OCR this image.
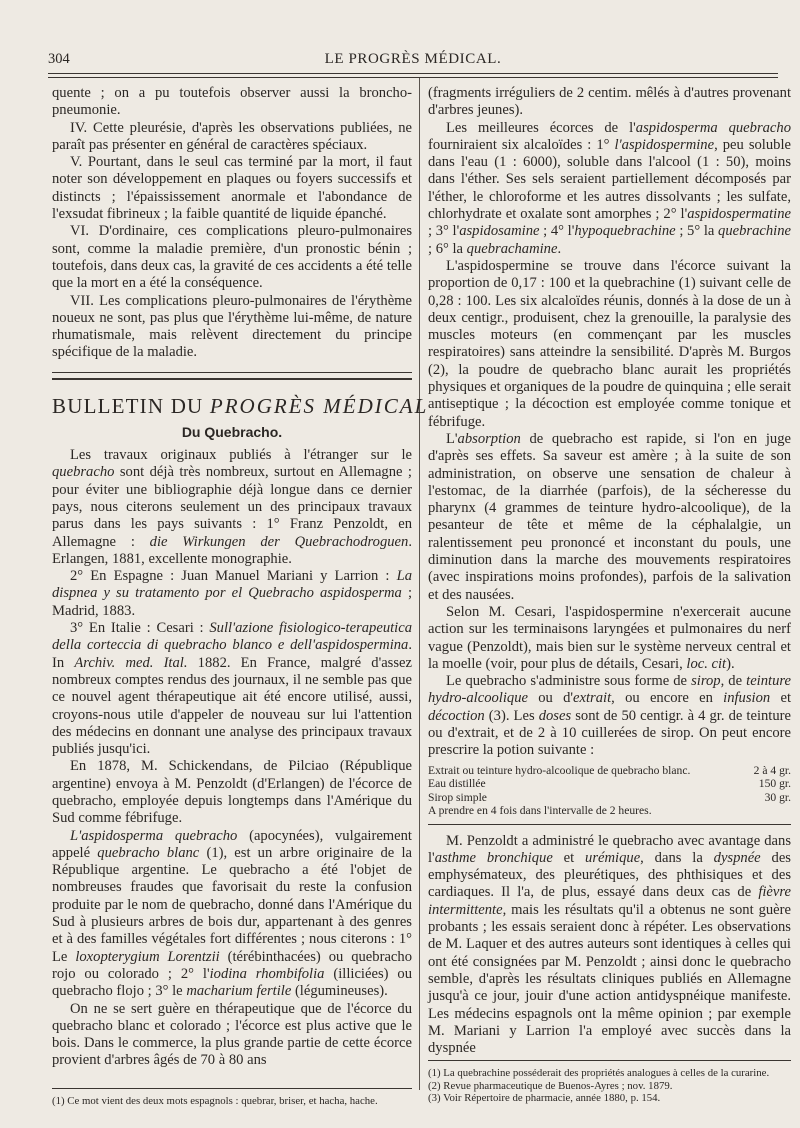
304	LE PROGRÈS MÉDICAL.

quente ; on a pu toutefois observer aussi la broncho-pneumonie.

IV. Cette pleurésie, d'après les observations publiées, ne paraît pas présenter en général de caractères spéciaux.

V. Pourtant, dans le seul cas terminé par la mort, il faut noter son développement en plaques ou foyers successifs et distincts ; l'épaississement anormale et l'abondance de l'exsudat fibrineux ; la faible quantité de liquide épanché.

VI. D'ordinaire, ces complications pleuro-pulmonaires sont, comme la maladie première, d'un pronostic bénin ; toutefois, dans deux cas, la gravité de ces accidents a été telle que la mort en a été la conséquence.

VII. Les complications pleuro-pulmonaires de l'érythème noueux ne sont, pas plus que l'érythème lui-même, de nature rhumatismale, mais relèvent directement du principe spécifique de la maladie.

BULLETIN DU PROGRÈS MÉDICAL
Du Quebracho.

Les travaux originaux publiés à l'étranger sur le quebracho sont déjà très nombreux, surtout en Allemagne ; pour éviter une bibliographie déjà longue dans ce dernier pays, nous citerons seulement un des principaux travaux parus dans les pays suivants : 1° Franz Penzoldt, en Allemagne : die Wirkungen der Quebrachodroguen. Erlangen, 1881, excellente monographie.

2° En Espagne : Juan Manuel Mariani y Larrion : La dispnea y su tratamento por el Quebracho aspidosperma ; Madrid, 1883.

3° En Italie : Cesari : Sull'azione fisiologico-terapeutica della corteccia di quebracho blanco e dell'aspidospermina. In Archiv. med. Ital. 1882. En France, malgré d'assez nombreux comptes rendus des journaux, il ne semble pas que ce nouvel agent thérapeutique ait été encore utilisé, aussi, croyons-nous utile d'appeler de nouveau sur lui l'attention des médecins en donnant une analyse des principaux travaux publiés jusqu'ici.

En 1878, M. Schickendans, de Pilciao (République argentine) envoya à M. Penzoldt (d'Erlangen) de l'écorce de quebracho, employée depuis longtemps dans l'Amérique du Sud comme fébrifuge.

L'aspidosperma quebracho (apocynées), vulgairement appelé quebracho blanc (1), est un arbre originaire de la République argentine. Le quebracho a été l'objet de nombreuses fraudes que favorisait du reste la confusion produite par le nom de quebracho, donné dans l'Amérique du Sud à plusieurs arbres de bois dur, appartenant à des genres et à des familles végétales fort différentes ; nous citerons : 1° Le loxopterygium Lorentzii (térébinthacées) ou quebracho rojo ou colorado ; 2° l'iodina rhombifolia (illiciées) ou quebracho flojo ; 3° le macharium fertile (légumineuses).

On ne se sert guère en thérapeutique que de l'écorce du quebracho blanc et colorado ; l'écorce est plus active que le bois. Dans le commerce, la plus grande partie de cette écorce provient d'arbres âgés de 70 à 80 ans

(1) Ce mot vient des deux mots espagnols : quebrar, briser, et hacha, hache.

(fragments irréguliers de 2 centim. mêlés à d'autres provenant d'arbres jeunes).

Les meilleures écorces de l'aspidosperma quebracho fourniraient six alcaloïdes : 1° l'aspidospermine, peu soluble dans l'eau (1 : 6000), soluble dans l'alcool (1 : 50), moins dans l'éther. Ses sels seraient partiellement décomposés par l'éther, le chloroforme et les autres dissolvants ; les sulfate, chlorhydrate et oxalate sont amorphes ; 2° l'aspidospermatine ; 3° l'aspidosamine ; 4° l'hypoquebrachine ; 5° la quebrachine ; 6° la quebrachamine.

L'aspidospermine se trouve dans l'écorce suivant la proportion de 0,17 : 100 et la quebrachine (1) suivant celle de 0,28 : 100. Les six alcaloïdes réunis, donnés à la dose de un à deux centigr., produisent, chez la grenouille, la paralysie des muscles moteurs (en commençant par les muscles respiratoires) sans atteindre la sensibilité. D'après M. Burgos (2), la poudre de quebracho blanc aurait les propriétés physiques et organiques de la poudre de quinquina ; elle serait antiseptique ; la décoction est employée comme tonique et fébrifuge.

L'absorption de quebracho est rapide, si l'on en juge d'après ses effets. Sa saveur est amère ; à la suite de son administration, on observe une sensation de chaleur à l'estomac, de la diarrhée (parfois), de la sécheresse du pharynx (4 grammes de teinture hydro-alcoolique), de la pesanteur de tête et même de la céphalalgie, un ralentissement peu prononcé et inconstant du pouls, une diminution dans la marche des mouvements respiratoires (avec inspirations moins profondes), parfois de la salivation et des nausées.

Selon M. Cesari, l'aspidospermine n'exercerait aucune action sur les terminaisons laryngées et pulmonaires du nerf vague (Penzoldt), mais bien sur le système nerveux central et la moelle (voir, pour plus de détails, Cesari, loc. cit).

Le quebracho s'administre sous forme de sirop, de teinture hydro-alcoolique ou d'extrait, ou encore en infusion et décoction (3). Les doses sont de 50 centigr. à 4 gr. de teinture ou d'extrait, et de 2 à 10 cuillerées de sirop. On peut encore prescrire la potion suivante :

Extrait ou teinture hydro-alcoolique de quebracho blanc.	2 à 4 gr.
Eau distillée	150 gr.
Sirop simple	30 gr.
A prendre en 4 fois dans l'intervalle de 2 heures.

M. Penzoldt a administré le quebracho avec avantage dans l'asthme bronchique et urémique, dans la dyspnée des emphysémateux, des pleurétiques, des phthisiques et des cardiaques. Il l'a, de plus, essayé dans deux cas de fièvre intermittente, mais les résultats qu'il a obtenus ne sont guère probants ; les essais seraient donc à répéter. Les observations de M. Laquer et des autres auteurs sont identiques à celles qui ont été consignées par M. Penzoldt ; ainsi donc le quebracho semble, d'après les résultats cliniques publiés en Allemagne jusqu'à ce jour, jouir d'une action antidyspnéique manifeste. Les médecins espagnols ont la même opinion ; par exemple M. Mariani y Larrion l'a employé avec succès dans la dyspnée

(1) La quebrachine posséderait des propriétés analogues à celles de la curarine.
(2) Revue pharmaceutique de Buenos-Ayres ; nov. 1879.
(3) Voir Répertoire de pharmacie, année 1880, p. 154.
